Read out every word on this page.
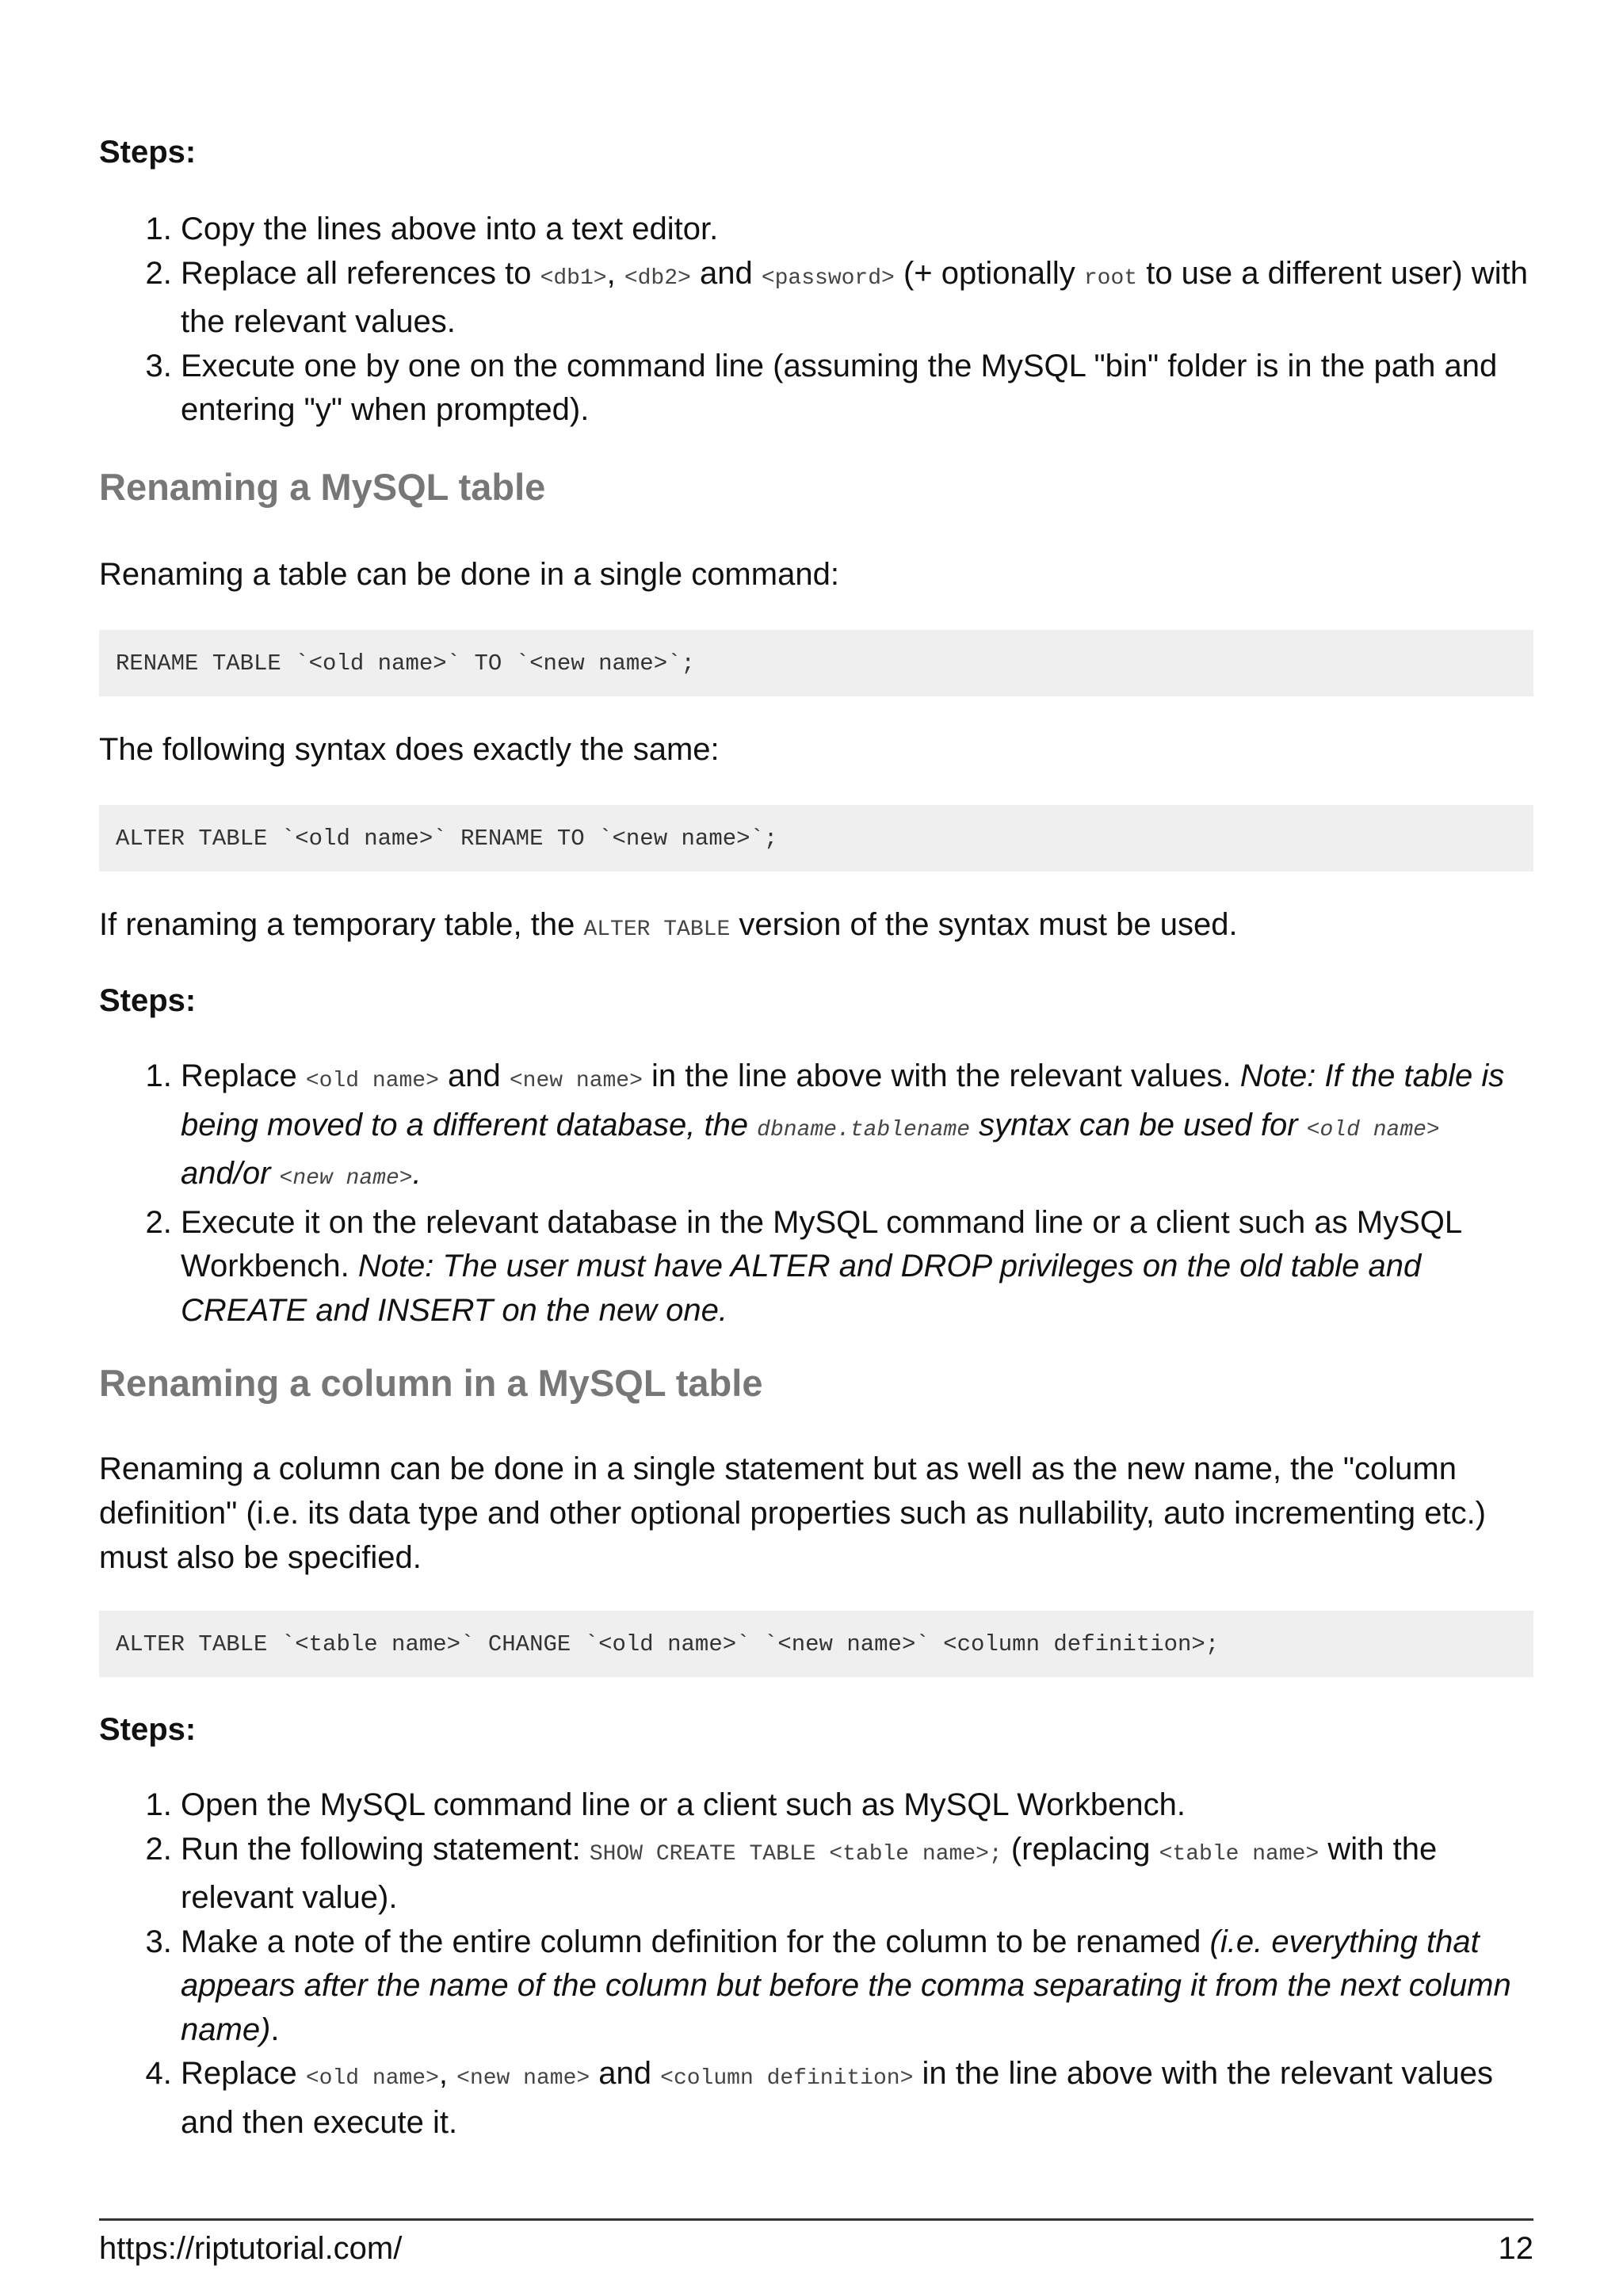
Steps:
1. Copy the lines above into a text editor.
2. Replace all references to <db1>, <db2> and <password> (+ optionally root to use a different user) with the relevant values.
3. Execute one by one on the command line (assuming the MySQL "bin" folder is in the path and entering "y" when prompted).
Renaming a MySQL table

Renaming a table can be done in a single command:

RENAME TABLE `<old name>` TO `<new name>`;

The following syntax does exactly the same:

ALTER TABLE `<old name>` RENAME TO `<new name>`;

If renaming a temporary table, the ALTER TABLE version of the syntax must be used.

Steps:
1. Replace <old name> and <new name> in the line above with the relevant values. Note: If the table is being moved to a different database, the dbname.tablename syntax can be used for <old name> and/or <new name>.
2. Execute it on the relevant database in the MySQL command line or a client such as MySQL Workbench. Note: The user must have ALTER and DROP privileges on the old table and CREATE and INSERT on the new one.
Renaming a column in a MySQL table

Renaming a column can be done in a single statement but as well as the new name, the "column definition" (i.e. its data type and other optional properties such as nullability, auto incrementing etc.) must also be specified.

ALTER TABLE `<table name>` CHANGE `<old name>` `<new name>` <column definition>;
Steps:
1. Open the MySQL command line or a client such as MySQL Workbench.
2. Run the following statement: SHOW CREATE TABLE <table name>; (replacing <table name> with the relevant value).
3. Make a note of the entire column definition for the column to be renamed (i.e. everything that appears after the name of the column but before the comma separating it from the next column name).
4. Replace <old name>, <new name> and <column definition> in the line above with the relevant values and then execute it.
https://riptutorial.com/	12
